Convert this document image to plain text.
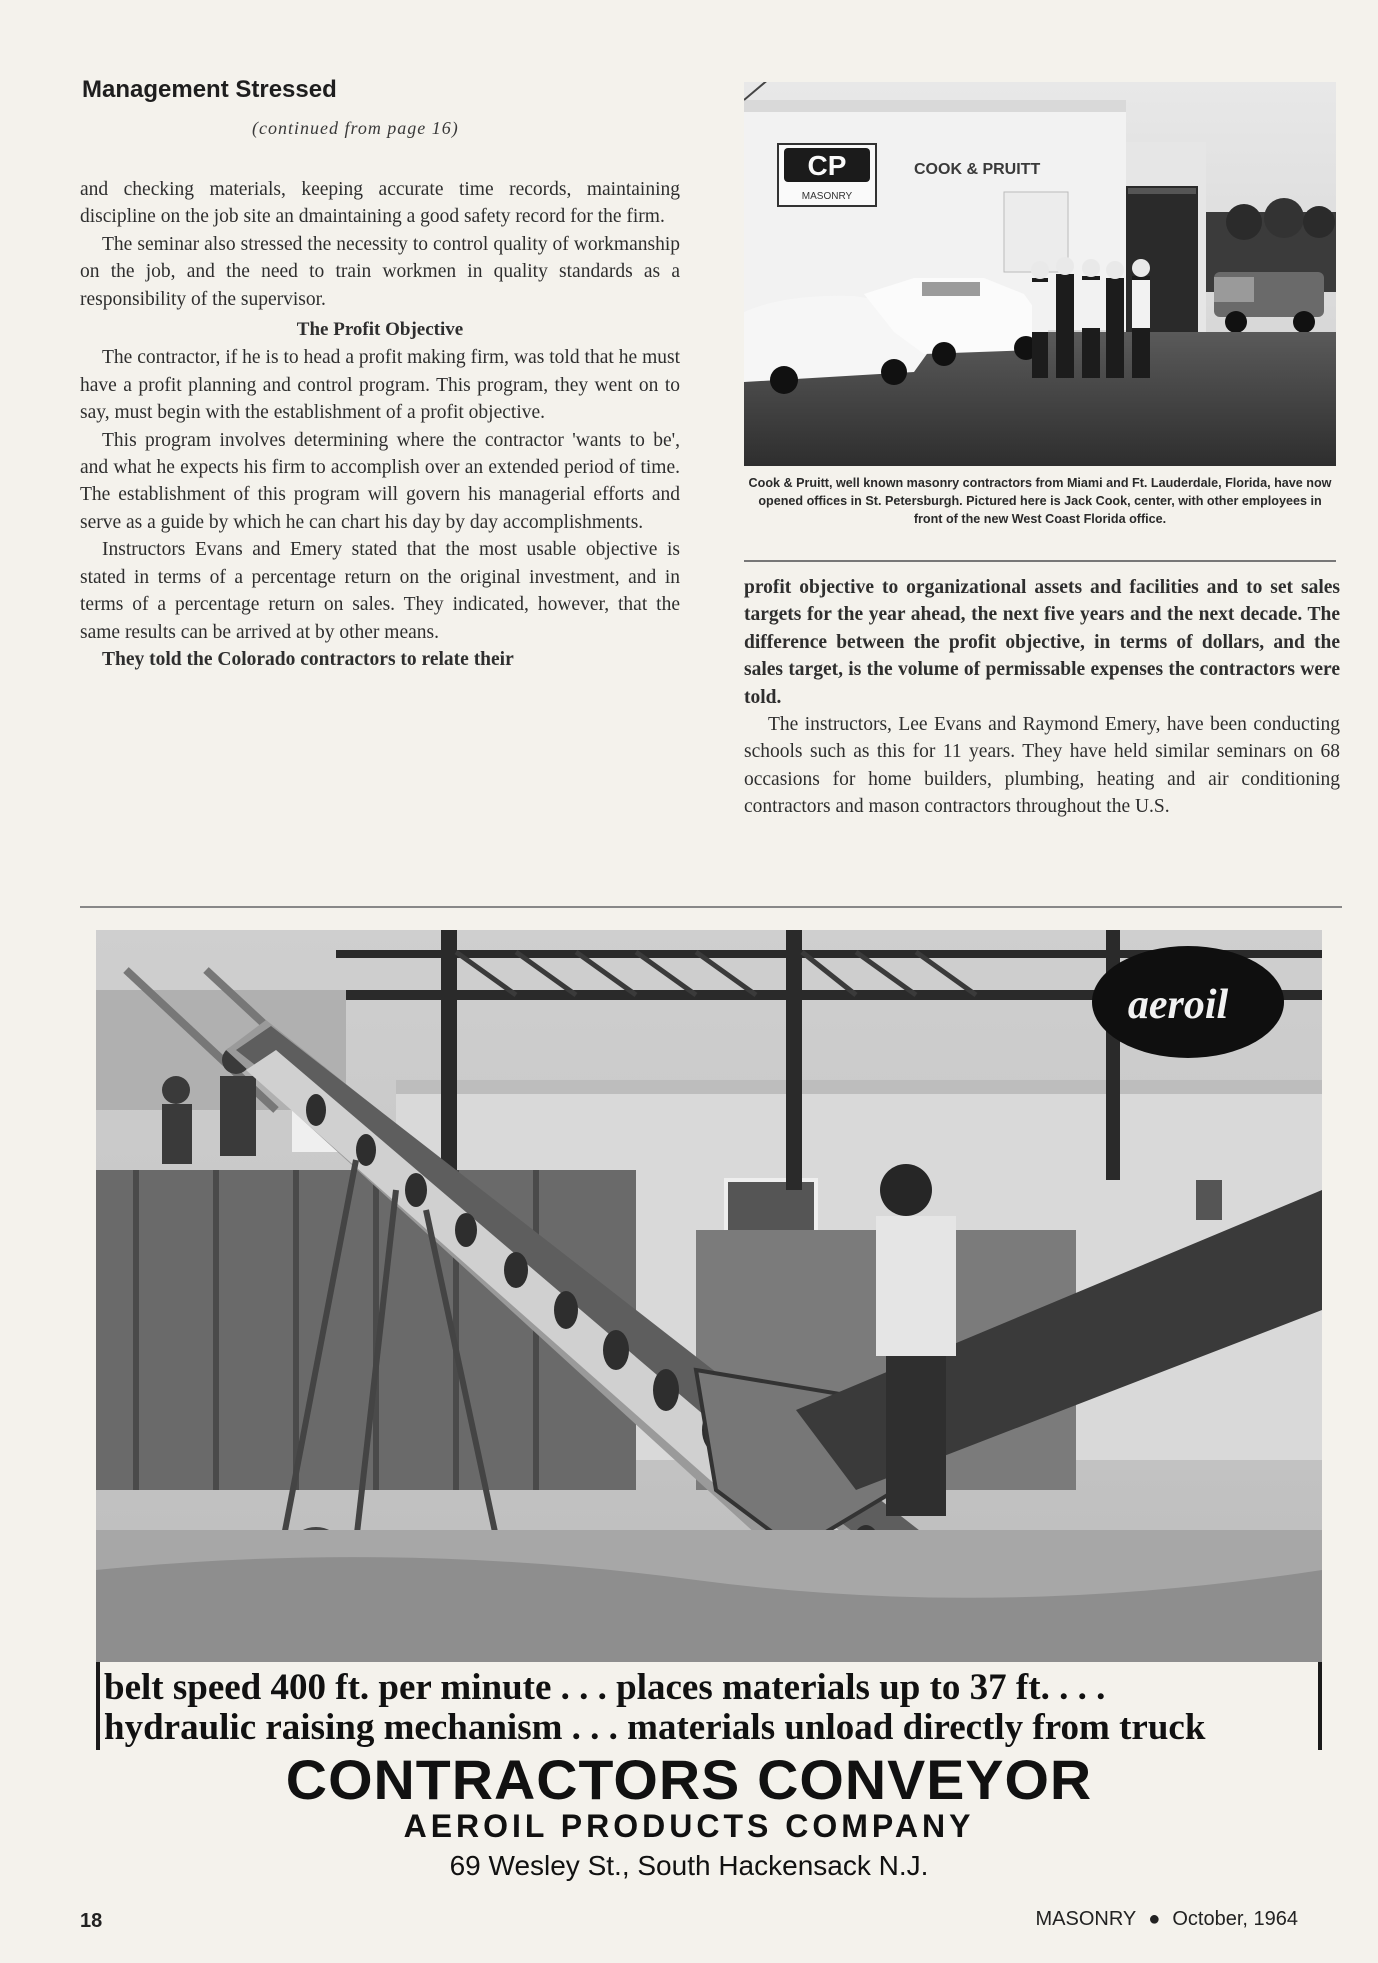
Management Stressed
(continued from page 16)

and checking materials, keeping accurate time records, maintaining discipline on the job site an dmaintaining a good safety record for the firm.

The seminar also stressed the necessity to control quality of workmanship on the job, and the need to train workmen in quality standards as a responsibility of the supervisor.

The Profit Objective

The contractor, if he is to head a profit making firm, was told that he must have a profit planning and control program. This program, they went on to say, must begin with the establishment of a profit objective.

This program involves determining where the contractor 'wants to be', and what he expects his firm to accomplish over an extended period of time. The establishment of this program will govern his managerial efforts and serve as a guide by which he can chart his day by day accomplishments.

Instructors Evans and Emery stated that the most usable objective is stated in terms of a percentage return on the original investment, and in terms of a percentage return on sales. They indicated, however, that the same results can be arrived at by other means.

They told the Colorado contractors to relate their

CP
MASONRY
COOK & PRUITT
Cook & Pruitt, well known masonry contractors from Miami and Ft. Lauderdale, Florida, have now opened offices in St. Petersburgh. Pictured here is Jack Cook, center, with other employees in front of the new West Coast Florida office.

profit objective to organizational assets and facilities and to set sales targets for the year ahead, the next five years and the next decade. The difference between the profit objective, in terms of dollars, and the sales target, is the volume of permissable expenses the contractors were told.

The instructors, Lee Evans and Raymond Emery, have been conducting schools such as this for 11 years. They have held similar seminars on 68 occasions for home builders, plumbing, heating and air conditioning contractors and mason contractors throughout the U.S.

aeroil
belt speed 400 ft. per minute . . . places materials up to 37 ft. . . .
hydraulic raising mechanism . . . materials unload directly from truck
CONTRACTORS CONVEYOR
AEROIL PRODUCTS COMPANY
69 Wesley St., South Hackensack N.J.
18	MASONRY ● October, 1964
